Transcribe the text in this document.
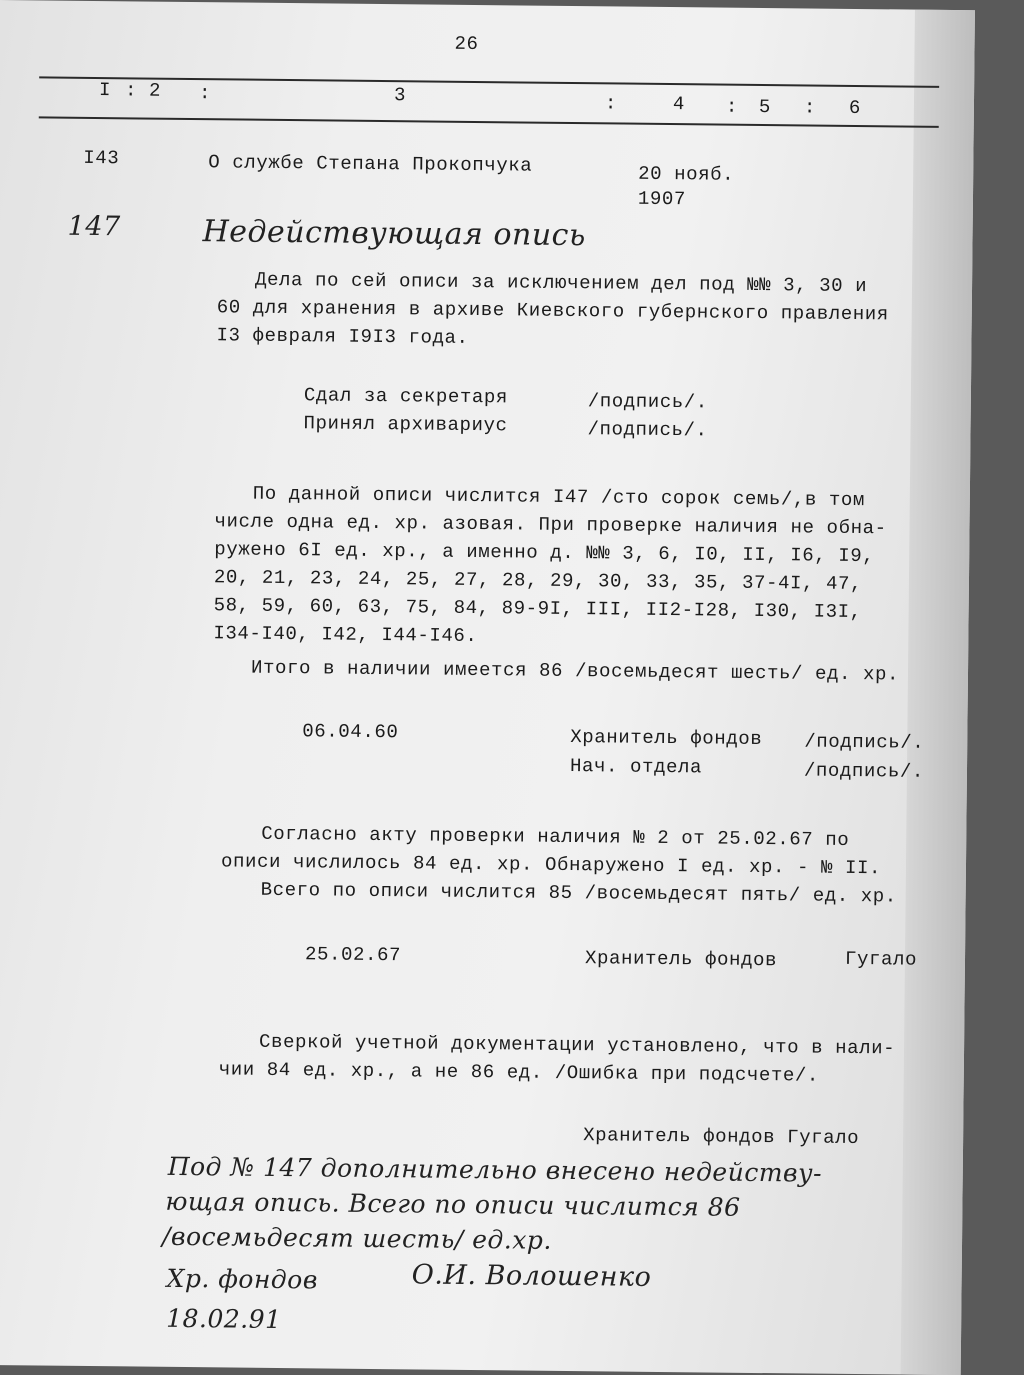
26
I : 2 :	3	:	4 : 5 : 6
I43	О службе Степана Прокопчука	20 нояб.
1907
147	Недействующая опись
Дела по сей описи за исключением дел под №№ 3, 30 и
60 для хранения в архиве Киевского губернского правления
I3 февраля I9I3 года.
Сдал за секретаря	/подпись/.
Принял архивариус	/подпись/.
По данной описи числится I47 /сто сорок семь/,в том
числе одна ед. хр. азовая. При проверке наличия не обна-
ружено 6I ед. хр., а именно д. №№ 3, 6, I0, II, I6, I9,
20, 21, 23, 24, 25, 27, 28, 29, 30, 33, 35, 37-4I, 47,
58, 59, 60, 63, 75, 84, 89-9I, III, II2-I28, I30, I3I,
I34-I40, I42, I44-I46.
Итого в наличии имеется 86 /восемьдесят шесть/ ед. хр.
06.04.60	Хранитель фондов /подпись/.
Нач. отдела	/подпись/.
Согласно акту проверки наличия № 2 от 25.02.67 по
описи числилось 84 ед. хр. Обнаружено I ед. хр. - № II.
Всего по описи числится 85 /восемьдесят пять/ ед. хр.
25.02.67	Хранитель фондов	Гугало
Сверкой учетной документации установлено, что в нали-
чии 84 ед. хр., а не 86 ед. /Ошибка при подсчете/.
Хранитель фондов Гугало
Под № 147 дополнительно внесено недейству-
ющая опись. Всего по описи числится 86
/восемьдесят шесть/ ед.хр.
Хр. фондов	О.И. Волошенко
18.02.91
